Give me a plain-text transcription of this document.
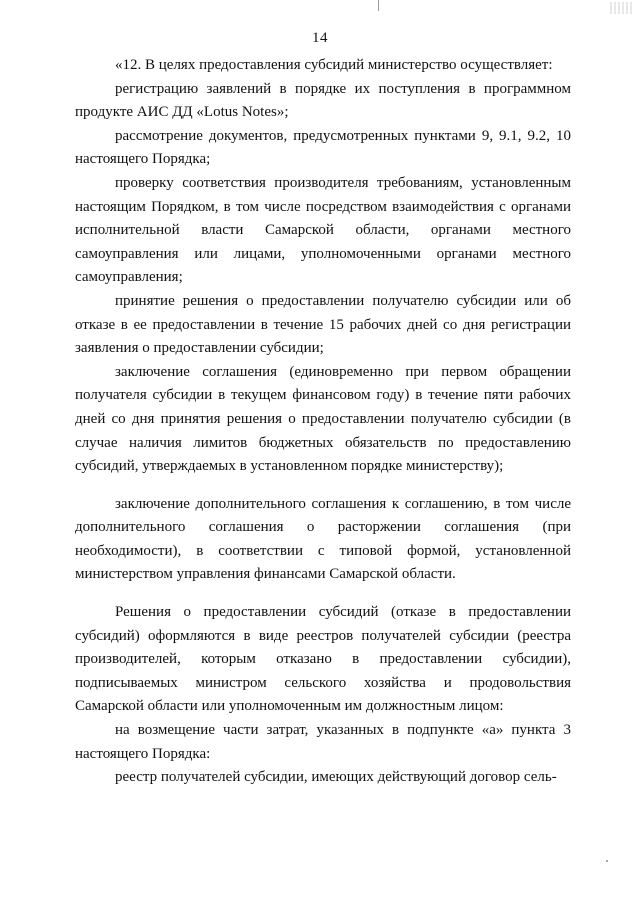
14

«12. В целях предоставления субсидий министерство осуществляет:

регистрацию заявлений в порядке их поступления в программном продукте АИС ДД «Lotus Notes»;

рассмотрение документов, предусмотренных пунктами 9, 9.1, 9.2, 10 настоящего Порядка;

проверку соответствия производителя требованиям, установленным настоящим Порядком, в том числе посредством взаимодействия с органами исполнительной власти Самарской области, органами местного самоуправления или лицами, уполномоченными органами местного самоуправления;

принятие решения о предоставлении получателю субсидии или об отказе в ее предоставлении в течение 15 рабочих дней со дня регистрации заявления о предоставлении субсидии;

заключение соглашения (единовременно при первом обращении получателя субсидии в текущем финансовом году) в течение пяти рабочих дней со дня принятия решения о предоставлении получателю субсидии (в случае наличия лимитов бюджетных обязательств по предоставлению субсидий, утверждаемых в установленном порядке министерству);

заключение дополнительного соглашения к соглашению, в том числе дополнительного соглашения о расторжении соглашения (при необходимости), в соответствии с типовой формой, установленной министерством управления финансами Самарской области.

Решения о предоставлении субсидий (отказе в предоставлении субсидий) оформляются в виде реестров получателей субсидии (реестра производителей, которым отказано в предоставлении субсидии), подписываемых министром сельского хозяйства и продовольствия Самарской области или уполномоченным им должностным лицом:

на возмещение части затрат, указанных в подпункте «а» пункта 3 настоящего Порядка:

реестр получателей субсидии, имеющих действующий договор сель-
